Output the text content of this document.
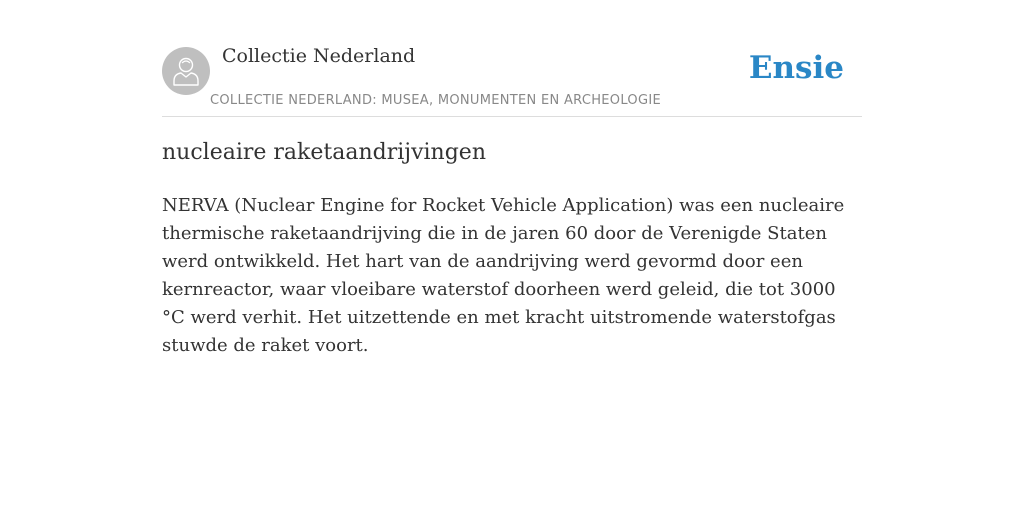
Collectie Nederland
COLLECTIE NEDERLAND: MUSEA, MONUMENTEN EN ARCHEOLOGIE
Ensie
nucleaire raketaandrijvingen

NERVA (Nuclear Engine for Rocket Vehicle Application) was een nucleaire thermische raketaandrijving die in de jaren 60 door de Verenigde Staten werd ontwikkeld. Het hart van de aandrijving werd gevormd door een kernreactor, waar vloeibare waterstof doorheen werd geleid, die tot 3000 °C werd verhit. Het uitzettende en met kracht uitstromende waterstofgas stuwde de raket voort.
